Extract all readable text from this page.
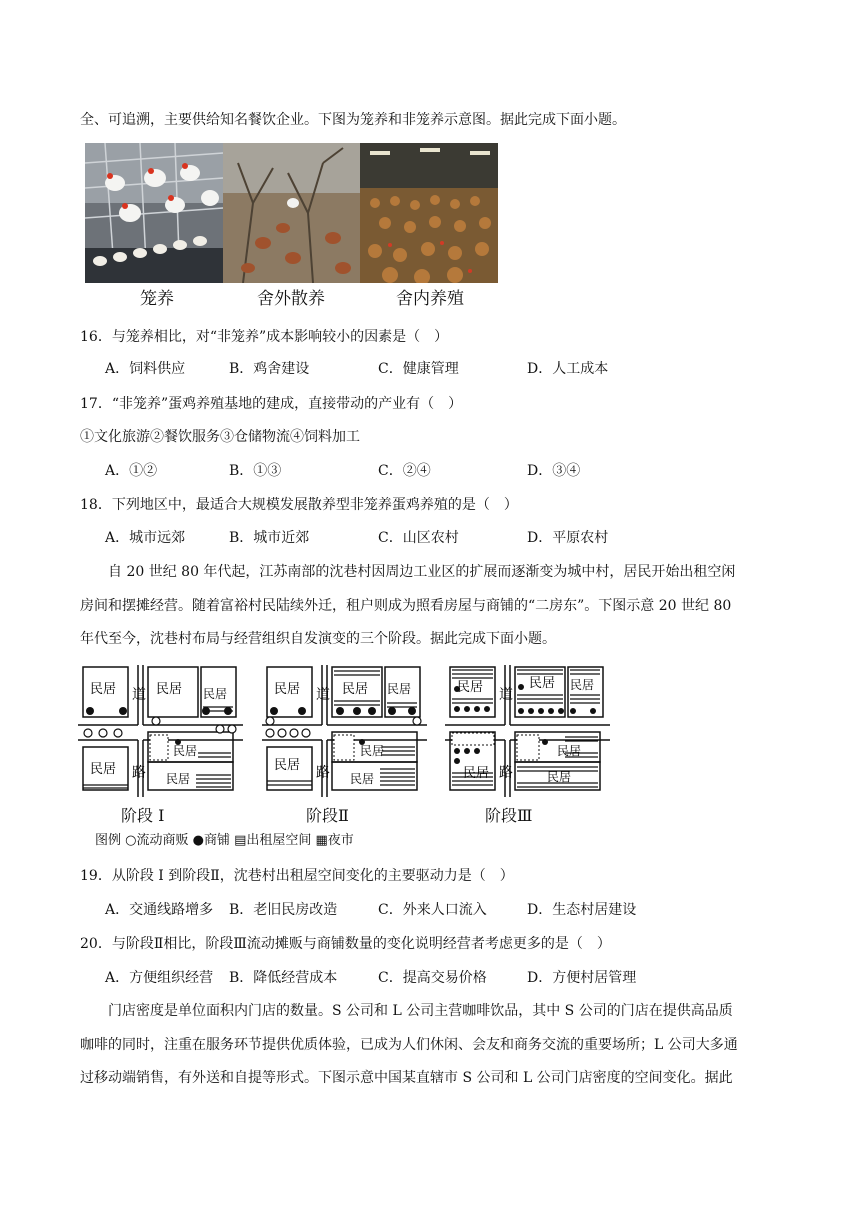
全、可追溯，主要供给知名餐饮企业。下图为笼养和非笼养示意图。据此完成下面小题。
笼养	舍外散养	舍内养殖
16．与笼养相比，对“非笼养”成本影响较小的因素是（　）
A．饲料供应	B．鸡舍建设	C．健康管理	D．人工成本
17．“非笼养”蛋鸡养殖基地的建成，直接带动的产业有（　）
①文化旅游②餐饮服务③仓储物流④饲料加工
A．①②	B．①③	C．②④	D．③④
18．下列地区中，最适合大规模发展散养型非笼养蛋鸡养殖的是（　）
A．城市远郊	B．城市近郊	C．山区农村	D．平原农村
自 20 世纪 80 年代起，江苏南部的沈巷村因周边工业区的扩展而逐渐变为城中村，居民开始出租空闲
房间和摆摊经营。随着富裕村民陆续外迁，租户则成为照看房屋与商铺的“二房东”。下图示意 20 世纪 80
年代至今，沈巷村布局与经营组织自发演变的三个阶段。据此完成下面小题。
民居	民居 民居
民居
民居
民居
道
路
民居	民居 民居
民居
民居
民居
道
路
民居	民居 民居
民居
民居
民居
道
路
阶段 I	阶段Ⅱ	阶段Ⅲ
图例 ○流动商贩 ●商铺 ▤出租屋空间 ▦夜市
19．从阶段 I 到阶段Ⅱ，沈巷村出租屋空间变化的主要驱动力是（　）
A．交通线路增多 B．老旧民房改造	C．外来人口流入	D．生态村居建设
20．与阶段Ⅱ相比，阶段Ⅲ流动摊贩与商铺数量的变化说明经营者考虑更多的是（　）
A．方便组织经营 B．降低经营成本	C．提高交易价格	D．方便村居管理
门店密度是单位面积内门店的数量。S 公司和 L 公司主营咖啡饮品，其中 S 公司的门店在提供高品质
咖啡的同时，注重在服务环节提供优质体验，已成为人们休闲、会友和商务交流的重要场所；L 公司大多通
过移动端销售，有外送和自提等形式。下图示意中国某直辖市 S 公司和 L 公司门店密度的空间变化。据此
